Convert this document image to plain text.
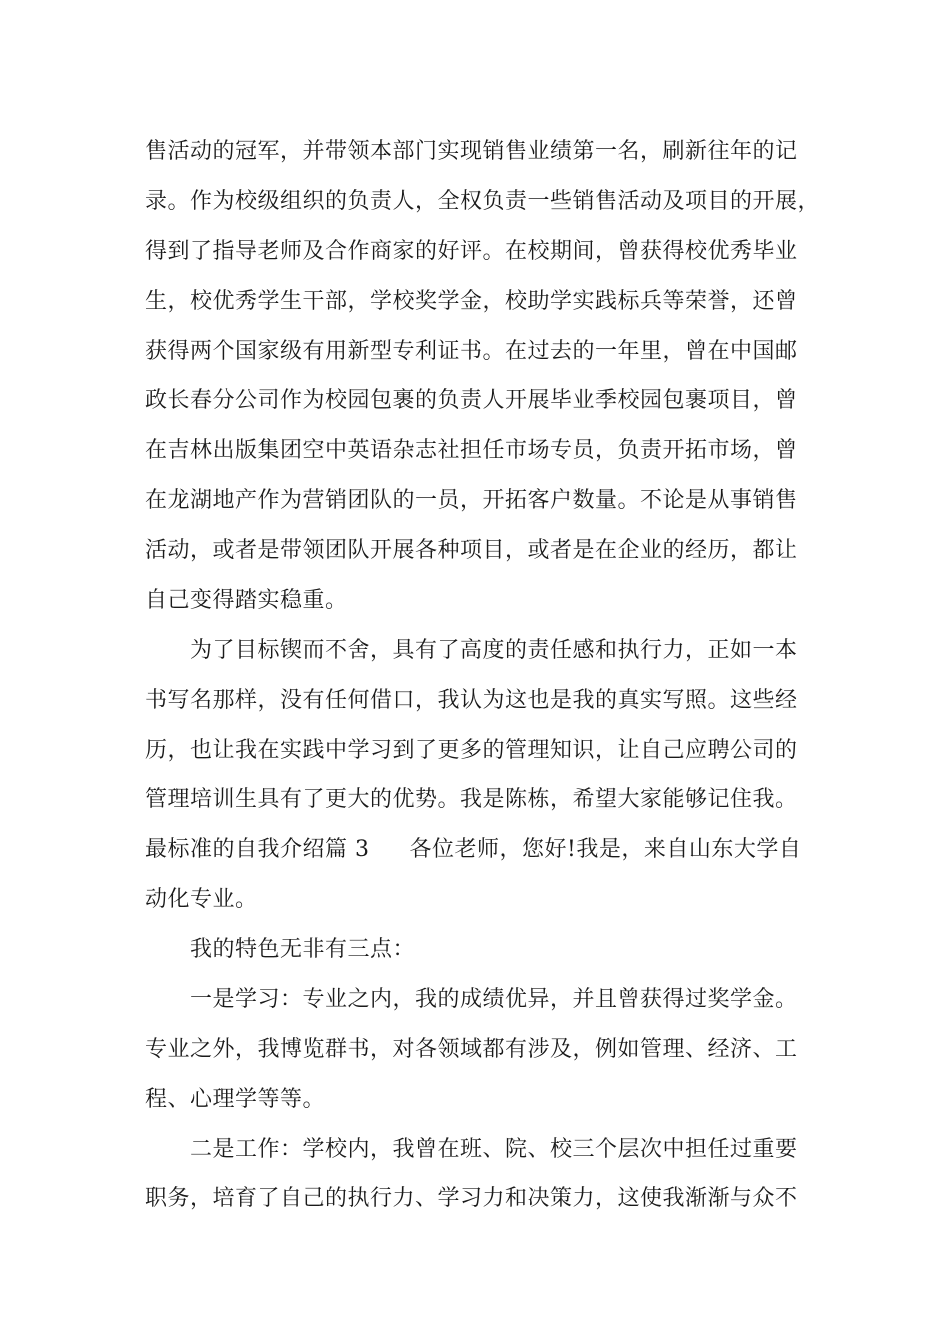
售活动的冠军，并带领本部门实现销售业绩第一名，刷新往年的记
录。作为校级组织的负责人，全权负责一些销售活动及项目的开展，
得到了指导老师及合作商家的好评。在校期间，曾获得校优秀毕业
生，校优秀学生干部，学校奖学金，校助学实践标兵等荣誉，还曾
获得两个国家级有用新型专利证书。在过去的一年里，曾在中国邮
政长春分公司作为校园包裹的负责人开展毕业季校园包裹项目，曾
在吉林出版集团空中英语杂志社担任市场专员，负责开拓市场，曾
在龙湖地产作为营销团队的一员，开拓客户数量。不论是从事销售
活动，或者是带领团队开展各种项目，或者是在企业的经历，都让
自己变得踏实稳重。
为了目标锲而不舍，具有了高度的责任感和执行力，正如一本
书写名那样，没有任何借口，我认为这也是我的真实写照。这些经
历，也让我在实践中学习到了更多的管理知识，让自己应聘公司的
管理培训生具有了更大的优势。我是陈栋，希望大家能够记住我。
最标准的自我介绍篇 3 各位老师，您好!我是，来自山东大学自
动化专业。
我的特色无非有三点：
一是学习：专业之内，我的成绩优异，并且曾获得过奖学金。
专业之外，我博览群书，对各领域都有涉及，例如管理、经济、工
程、心理学等等。
二是工作：学校内，我曾在班、院、校三个层次中担任过重要
职务，培育了自己的执行力、学习力和决策力，这使我渐渐与众不
